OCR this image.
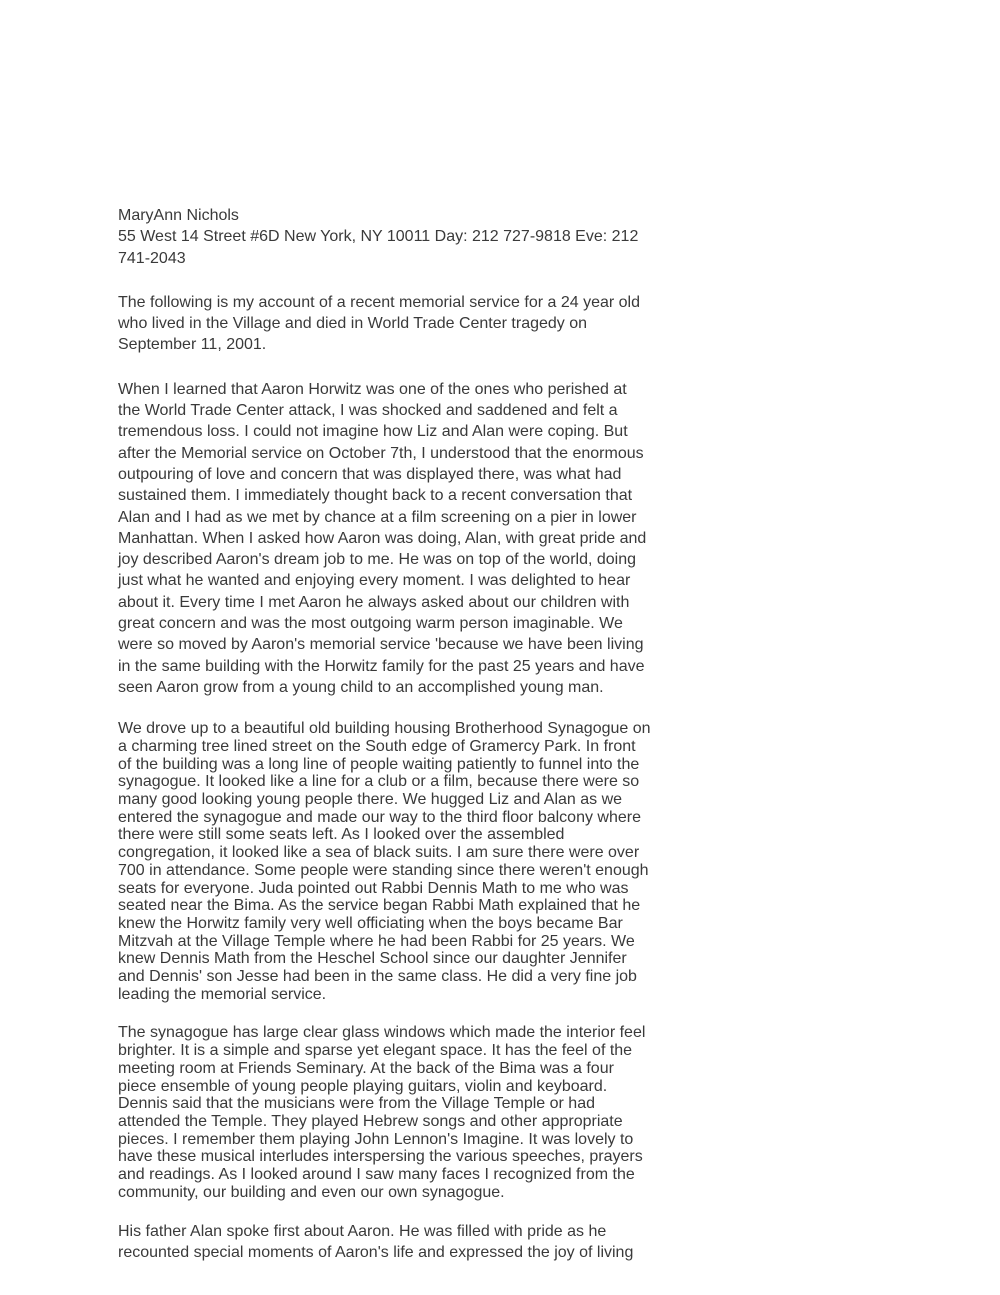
MaryAnn Nichols
55 West 14 Street #6D New York, NY 10011 Day: 212 727-9818 Eve: 212
741-2043
The following is my account of a recent memorial service for a 24 year old
who lived in the Village and died in World Trade Center tragedy on
September 11, 2001.
When I learned that Aaron Horwitz was one of the ones who perished at
the World Trade Center attack, I was shocked and saddened and felt a
tremendous loss. I could not imagine how Liz and Alan were coping. But
after the Memorial service on October 7th, I understood that the enormous
outpouring of love and concern that was displayed there, was what had
sustained them. I immediately thought back to a recent conversation that
Alan and I had as we met by chance at a film screening on a pier in lower
Manhattan. When I asked how Aaron was doing, Alan, with great pride and
joy described Aaron's dream job to me. He was on top of the world, doing
just what he wanted and enjoying every moment. I was delighted to hear
about it. Every time I met Aaron he always asked about our children with
great concern and was the most outgoing warm person imaginable. We
were so moved by Aaron's memorial service 'because we have been living
in the same building with the Horwitz family for the past 25 years and have
seen Aaron grow from a young child to an accomplished young man.
We drove up to a beautiful old building housing Brotherhood Synagogue on
a charming tree lined street on the South edge of Gramercy Park. In front
of the building was a long line of people waiting patiently to funnel into the
synagogue. It looked like a line for a club or a film, because there were so
many good looking young people there. We hugged Liz and Alan as we
entered the synagogue and made our way to the third floor balcony where
there were still some seats left. As I looked over the assembled
congregation, it looked like a sea of black suits. I am sure there were over
700 in attendance. Some people were standing since there weren't enough
seats for everyone. Juda pointed out Rabbi Dennis Math to me who was
seated near the Bima. As the service began Rabbi Math explained that he
knew the Horwitz family very well officiating when the boys became Bar
Mitzvah at the Village Temple where he had been Rabbi for 25 years. We
knew Dennis Math from the Heschel School since our daughter Jennifer
and Dennis' son Jesse had been in the same class. He did a very fine job
leading the memorial service.
The synagogue has large clear glass windows which made the interior feel
brighter. It is a simple and sparse yet elegant space. It has the feel of the
meeting room at Friends Seminary. At the back of the Bima was a four
piece ensemble of young people playing guitars, violin and keyboard.
Dennis said that the musicians were from the Village Temple or had
attended the Temple. They played Hebrew songs and other appropriate
pieces. I remember them playing John Lennon's Imagine. It was lovely to
have these musical interludes interspersing the various speeches, prayers
and readings. As I looked around I saw many faces I recognized from the
community, our building and even our own synagogue.
His father Alan spoke first about Aaron. He was filled with pride as he
recounted special moments of Aaron's life and expressed the joy of living
